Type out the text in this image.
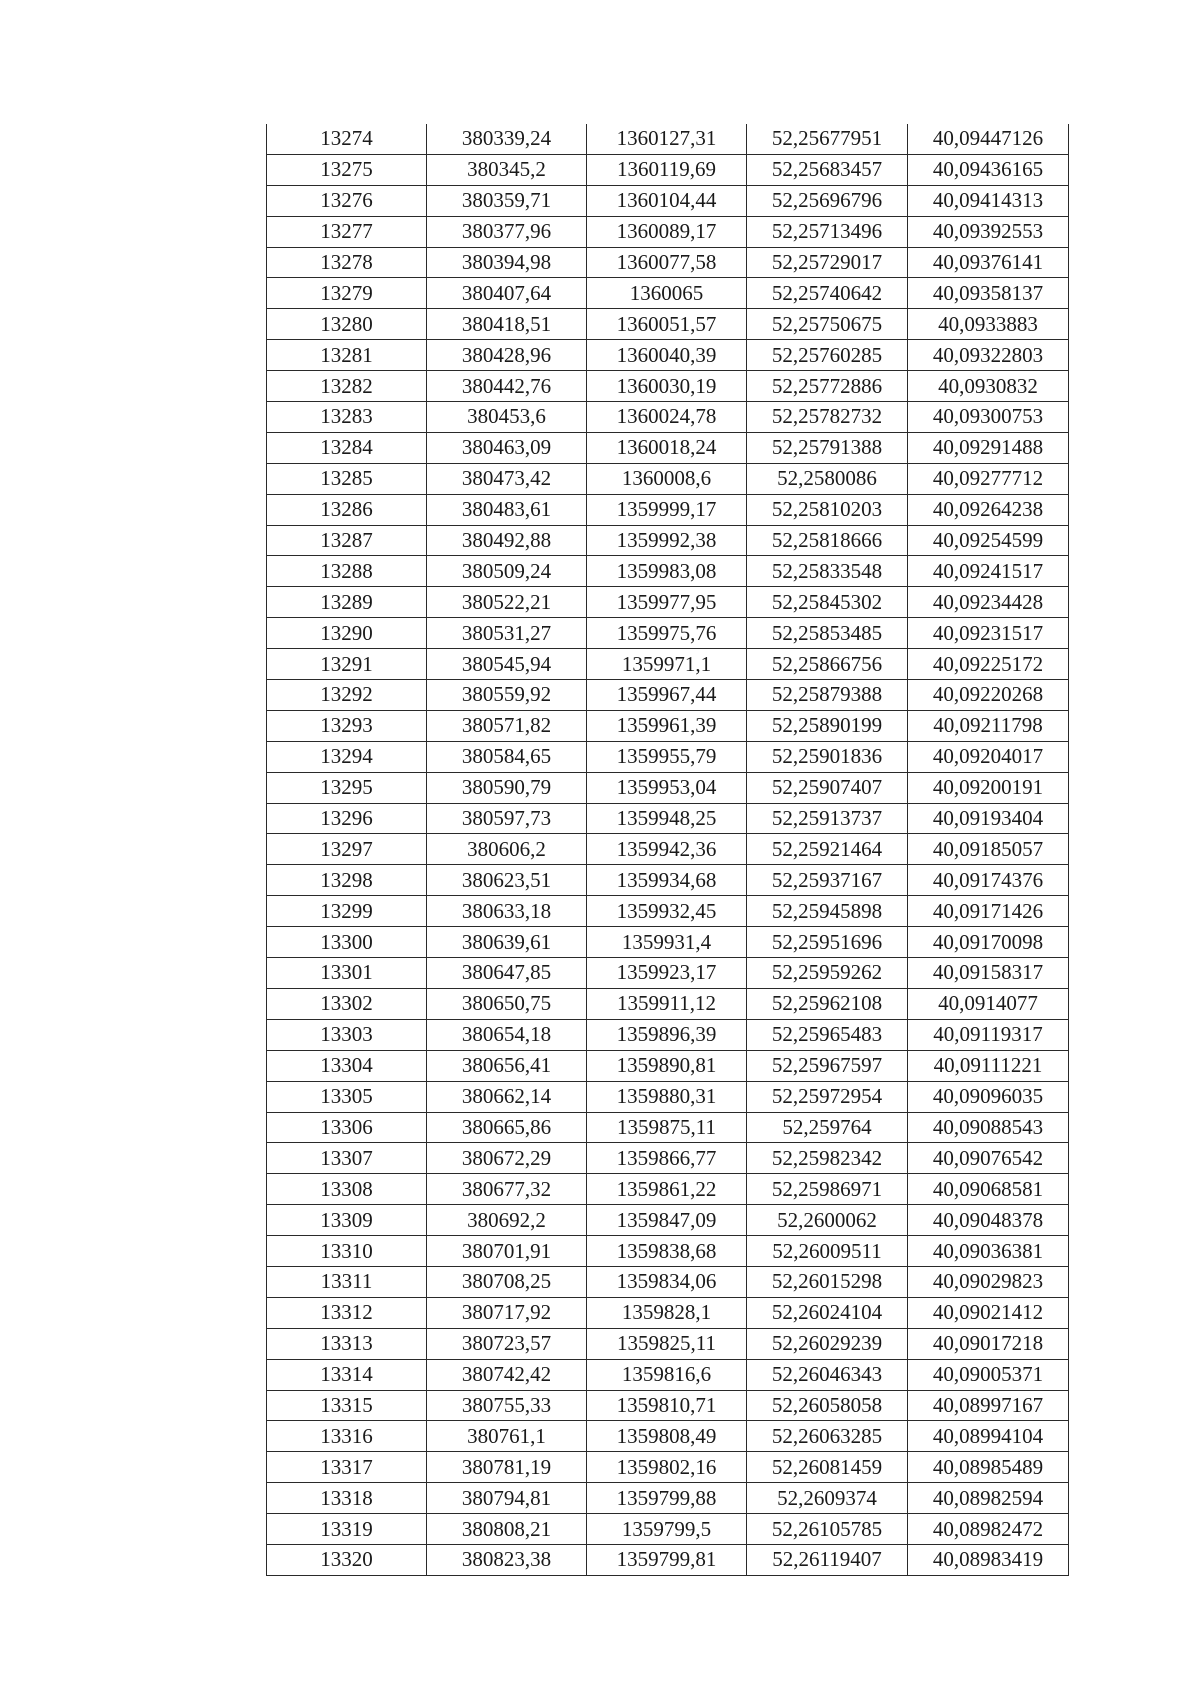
13274	380339,24	1360127,31	52,25677951	40,09447126
13275	380345,2	1360119,69	52,25683457	40,09436165
13276	380359,71	1360104,44	52,25696796	40,09414313
13277	380377,96	1360089,17	52,25713496	40,09392553
13278	380394,98	1360077,58	52,25729017	40,09376141
13279	380407,64	1360065	52,25740642	40,09358137
13280	380418,51	1360051,57	52,25750675	40,0933883
13281	380428,96	1360040,39	52,25760285	40,09322803
13282	380442,76	1360030,19	52,25772886	40,0930832
13283	380453,6	1360024,78	52,25782732	40,09300753
13284	380463,09	1360018,24	52,25791388	40,09291488
13285	380473,42	1360008,6	52,2580086	40,09277712
13286	380483,61	1359999,17	52,25810203	40,09264238
13287	380492,88	1359992,38	52,25818666	40,09254599
13288	380509,24	1359983,08	52,25833548	40,09241517
13289	380522,21	1359977,95	52,25845302	40,09234428
13290	380531,27	1359975,76	52,25853485	40,09231517
13291	380545,94	1359971,1	52,25866756	40,09225172
13292	380559,92	1359967,44	52,25879388	40,09220268
13293	380571,82	1359961,39	52,25890199	40,09211798
13294	380584,65	1359955,79	52,25901836	40,09204017
13295	380590,79	1359953,04	52,25907407	40,09200191
13296	380597,73	1359948,25	52,25913737	40,09193404
13297	380606,2	1359942,36	52,25921464	40,09185057
13298	380623,51	1359934,68	52,25937167	40,09174376
13299	380633,18	1359932,45	52,25945898	40,09171426
13300	380639,61	1359931,4	52,25951696	40,09170098
13301	380647,85	1359923,17	52,25959262	40,09158317
13302	380650,75	1359911,12	52,25962108	40,0914077
13303	380654,18	1359896,39	52,25965483	40,09119317
13304	380656,41	1359890,81	52,25967597	40,09111221
13305	380662,14	1359880,31	52,25972954	40,09096035
13306	380665,86	1359875,11	52,259764	40,09088543
13307	380672,29	1359866,77	52,25982342	40,09076542
13308	380677,32	1359861,22	52,25986971	40,09068581
13309	380692,2	1359847,09	52,2600062	40,09048378
13310	380701,91	1359838,68	52,26009511	40,09036381
13311	380708,25	1359834,06	52,26015298	40,09029823
13312	380717,92	1359828,1	52,26024104	40,09021412
13313	380723,57	1359825,11	52,26029239	40,09017218
13314	380742,42	1359816,6	52,26046343	40,09005371
13315	380755,33	1359810,71	52,26058058	40,08997167
13316	380761,1	1359808,49	52,26063285	40,08994104
13317	380781,19	1359802,16	52,26081459	40,08985489
13318	380794,81	1359799,88	52,2609374	40,08982594
13319	380808,21	1359799,5	52,26105785	40,08982472
13320	380823,38	1359799,81	52,26119407	40,08983419
